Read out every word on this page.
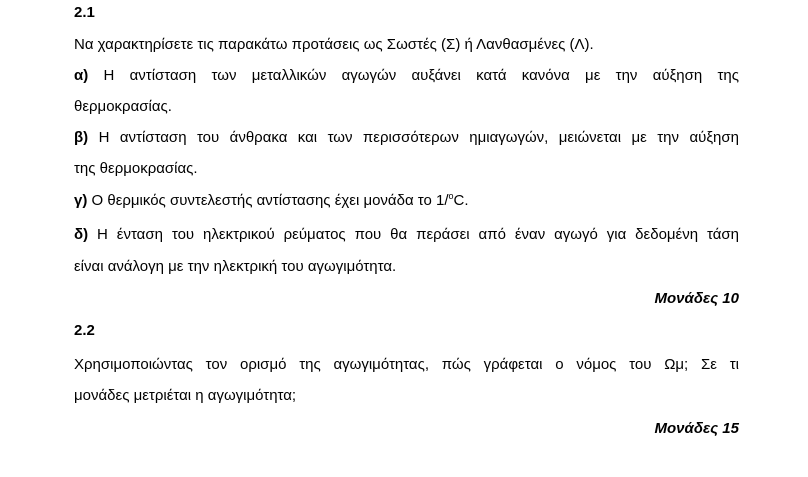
2.1
Να χαρακτηρίσετε τις παρακάτω προτάσεις ως Σωστές (Σ) ή Λανθασμένες (Λ).
α) Η αντίσταση των μεταλλικών αγωγών αυξάνει κατά κανόνα με την αύξηση της
θερμοκρασίας.
β) Η αντίσταση του άνθρακα και των περισσότερων ημιαγωγών, μειώνεται με την αύξηση
της θερμοκρασίας.
γ) Ο θερμικός συντελεστής αντίστασης έχει μονάδα το 1/$^o$C.
δ) Η ένταση του ηλεκτρικού ρεύματος που θα περάσει από έναν αγωγό για δεδομένη τάση
είναι ανάλογη με την ηλεκτρική του αγωγιμότητα.
Μονάδες 10
2.2
Χρησιμοποιώντας τον ορισμό της αγωγιμότητας, πώς γράφεται ο νόμος του Ωμ; Σε τι
μονάδες μετριέται η αγωγιμότητα;
Μονάδες 15
